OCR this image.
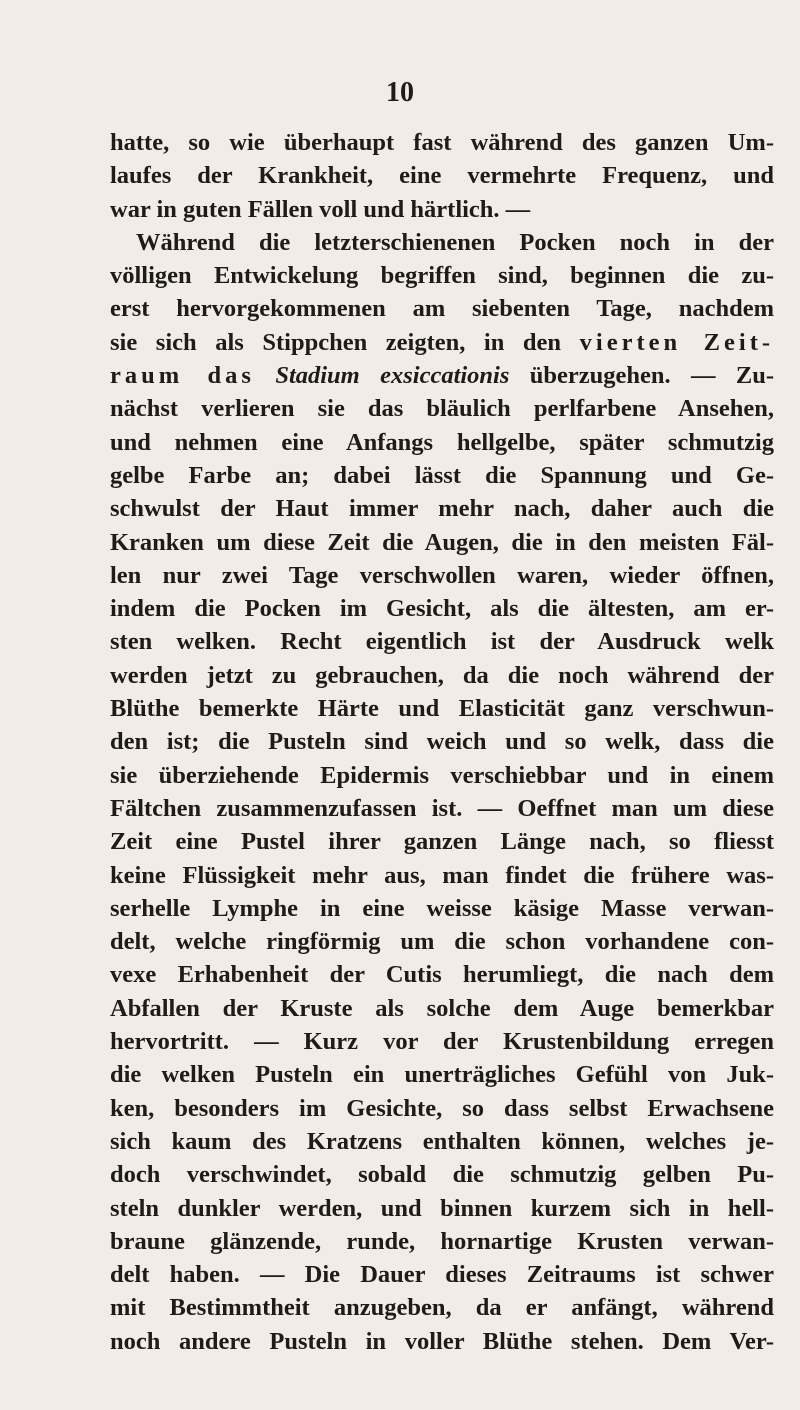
10
hatte, so wie überhaupt fast während des ganzen Um-
laufes der Krankheit, eine vermehrte Frequenz, und
war in guten Fällen voll und härtlich. —
Während die letzterschienenen Pocken noch in der
völligen Entwickelung begriffen sind, beginnen die zu-
erst hervorgekommenen am siebenten Tage, nachdem
sie sich als Stippchen zeigten, in den vierten Zeit-
raum das Stadium exsiccationis überzugehen. — Zu-
nächst verlieren sie das bläulich perlfarbene Ansehen,
und nehmen eine Anfangs hellgelbe, später schmutzig
gelbe Farbe an; dabei lässt die Spannung und Ge-
schwulst der Haut immer mehr nach, daher auch die
Kranken um diese Zeit die Augen, die in den meisten Fäl-
len nur zwei Tage verschwollen waren, wieder öffnen,
indem die Pocken im Gesicht, als die ältesten, am er-
sten welken. Recht eigentlich ist der Ausdruck welk
werden jetzt zu gebrauchen, da die noch während der
Blüthe bemerkte Härte und Elasticität ganz verschwun-
den ist; die Pusteln sind weich und so welk, dass die
sie überziehende Epidermis verschiebbar und in einem
Fältchen zusammenzufassen ist. — Oeffnet man um diese
Zeit eine Pustel ihrer ganzen Länge nach, so fliesst
keine Flüssigkeit mehr aus, man findet die frühere was-
serhelle Lymphe in eine weisse käsige Masse verwan-
delt, welche ringförmig um die schon vorhandene con-
vexe Erhabenheit der Cutis herumliegt, die nach dem
Abfallen der Kruste als solche dem Auge bemerkbar
hervortritt. — Kurz vor der Krustenbildung erregen
die welken Pusteln ein unerträgliches Gefühl von Juk-
ken, besonders im Gesichte, so dass selbst Erwachsene
sich kaum des Kratzens enthalten können, welches je-
doch verschwindet, sobald die schmutzig gelben Pu-
steln dunkler werden, und binnen kurzem sich in hell-
braune glänzende, runde, hornartige Krusten verwan-
delt haben. — Die Dauer dieses Zeitraums ist schwer
mit Bestimmtheit anzugeben, da er anfängt, während
noch andere Pusteln in voller Blüthe stehen. Dem Ver-
